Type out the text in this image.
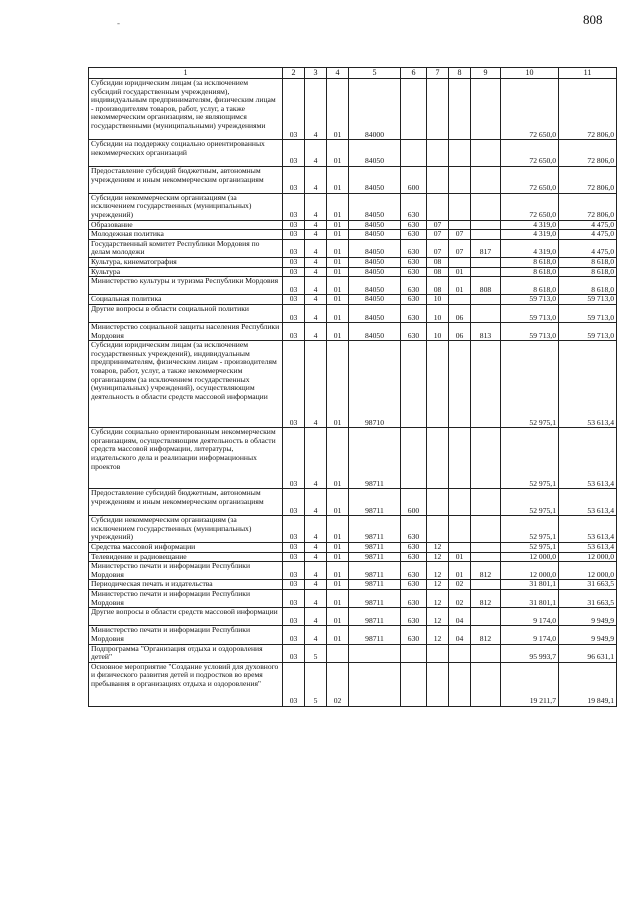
808
-
1	2	3	4	5	6	7	8	9	10	11
Субсидии юридическим лицам (за исключением субсидий государственным учреждениям), индивидуальным предпринимателям, физическим лицам - производителям товаров, работ, услуг, а также некоммерческим организациям, не являющимся государственными (муниципальными) учреждениями	03	4	01	84000					72 650,0	72 806,0
Субсидии на поддержку социально ориентированных некоммерческих организаций	03	4	01	84050					72 650,0	72 806,0
Предоставление субсидий бюджетным, автономным учреждениям и иным некоммерческим организациям	03	4	01	84050	600				72 650,0	72 806,0
Субсидии некоммерческим организациям (за исключением государственных (муниципальных) учреждений)	03	4	01	84050	630				72 650,0	72 806,0
Образование	03	4	01	84050	630	07			4 319,0	4 475,0
Молодежная политика	03	4	01	84050	630	07	07		4 319,0	4 475,0
Государственный комитет Республики Мордовия по делам молодежи	03	4	01	84050	630	07	07	817	4 319,0	4 475,0
Культура, кинематография	03	4	01	84050	630	08			8 618,0	8 618,0
Культура	03	4	01	84050	630	08	01		8 618,0	8 618,0
Министерство культуры и туризма Республики Мордовия	03	4	01	84050	630	08	01	808	8 618,0	8 618,0
Социальная политика	03	4	01	84050	630	10			59 713,0	59 713,0
Другие вопросы в области социальной политики	03	4	01	84050	630	10	06		59 713,0	59 713,0
Министерство социальной защиты населения Республики Мордовия	03	4	01	84050	630	10	06	813	59 713,0	59 713,0
Субсидии юридическим лицам (за исключением государственных учреждений), индивидуальным предпринимателям, физическим лицам - производителям товаров, работ, услуг, а также некоммерческим организациям (за исключением государственных (муниципальных) учреждений), осуществляющим деятельность в области средств массовой информации	03	4	01	98710					52 975,1	53 613,4
Субсидии социально ориентированным некоммерческим организациям, осуществляющим деятельность в области средств массовой информации, литературы, издательского дела и реализации информационных проектов	03	4	01	98711					52 975,1	53 613,4
Предоставление субсидий бюджетным, автономным учреждениям и иным некоммерческим организациям	03	4	01	98711	600				52 975,1	53 613,4
Субсидии некоммерческим организациям (за исключением государственных (муниципальных) учреждений)	03	4	01	98711	630				52 975,1	53 613,4
Средства массовой информации	03	4	01	98711	630	12			52 975,1	53 613,4
Телевидение и радиовещание	03	4	01	98711	630	12	01		12 000,0	12 000,0
Министерство печати и информации Республики Мордовия	03	4	01	98711	630	12	01	812	12 000,0	12 000,0
Периодическая печать и издательства	03	4	01	98711	630	12	02		31 801,1	31 663,5
Министерство печати и информации Республики Мордовия	03	4	01	98711	630	12	02	812	31 801,1	31 663,5
Другие вопросы в области средств массовой информации	03	4	01	98711	630	12	04		9 174,0	9 949,9
Министерство печати и информации Республики Мордовия	03	4	01	98711	630	12	04	812	9 174,0	9 949,9
Подпрограмма "Организация отдыха и оздоровления детей"	03	5							95 993,7	96 631,1
Основное мероприятие "Создание условий для духовного и физического развития детей и подростков во время пребывания в организациях отдыха и оздоровления"	03	5	02						19 211,7	19 849,1
